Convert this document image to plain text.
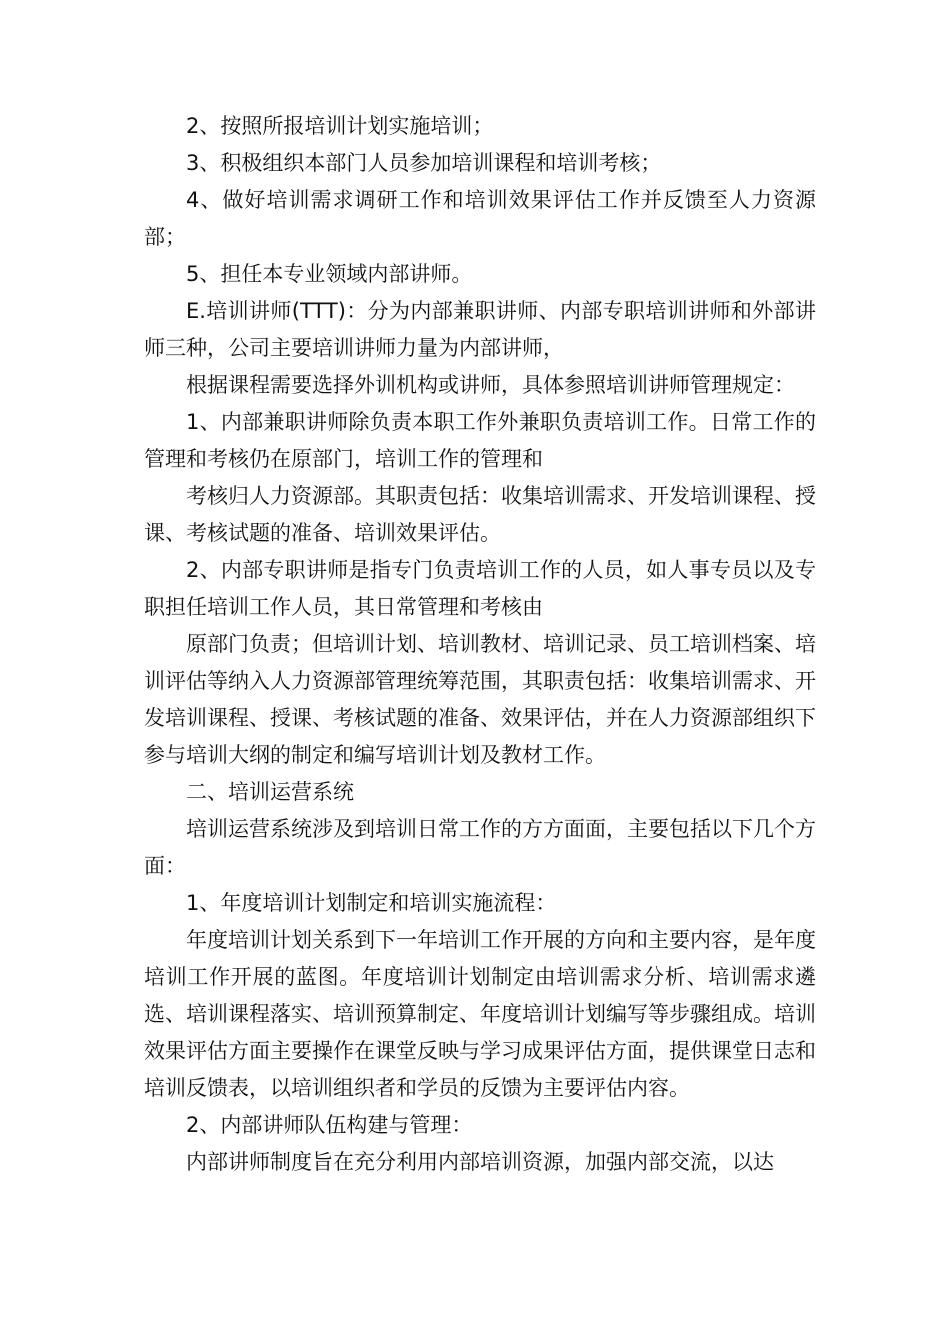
2、按照所报培训计划实施培训；

3、积极组织本部门人员参加培训课程和培训考核；

4、做好培训需求调研工作和培训效果评估工作并反馈至人力资源部；

5、担任本专业领域内部讲师。

E.培训讲师(TTT)：分为内部兼职讲师、内部专职培训讲师和外部讲师三种，公司主要培训讲师力量为内部讲师，

根据课程需要选择外训机构或讲师，具体参照培训讲师管理规定：

1、内部兼职讲师除负责本职工作外兼职负责培训工作。日常工作的管理和考核仍在原部门，培训工作的管理和

考核归人力资源部。其职责包括：收集培训需求、开发培训课程、授课、考核试题的准备、培训效果评估。

2、内部专职讲师是指专门负责培训工作的人员，如人事专员以及专职担任培训工作人员，其日常管理和考核由

原部门负责；但培训计划、培训教材、培训记录、员工培训档案、培训评估等纳入人力资源部管理统筹范围，其职责包括：收集培训需求、开发培训课程、授课、考核试题的准备、效果评估，并在人力资源部组织下参与培训大纲的制定和编写培训计划及教材工作。

二、培训运营系统

培训运营系统涉及到培训日常工作的方方面面，主要包括以下几个方面：

1、年度培训计划制定和培训实施流程：

年度培训计划关系到下一年培训工作开展的方向和主要内容，是年度培训工作开展的蓝图。年度培训计划制定由培训需求分析、培训需求遴选、培训课程落实、培训预算制定、年度培训计划编写等步骤组成。培训效果评估方面主要操作在课堂反映与学习成果评估方面，提供课堂日志和培训反馈表，以培训组织者和学员的反馈为主要评估内容。

2、内部讲师队伍构建与管理：

内部讲师制度旨在充分利用内部培训资源，加强内部交流，以达
